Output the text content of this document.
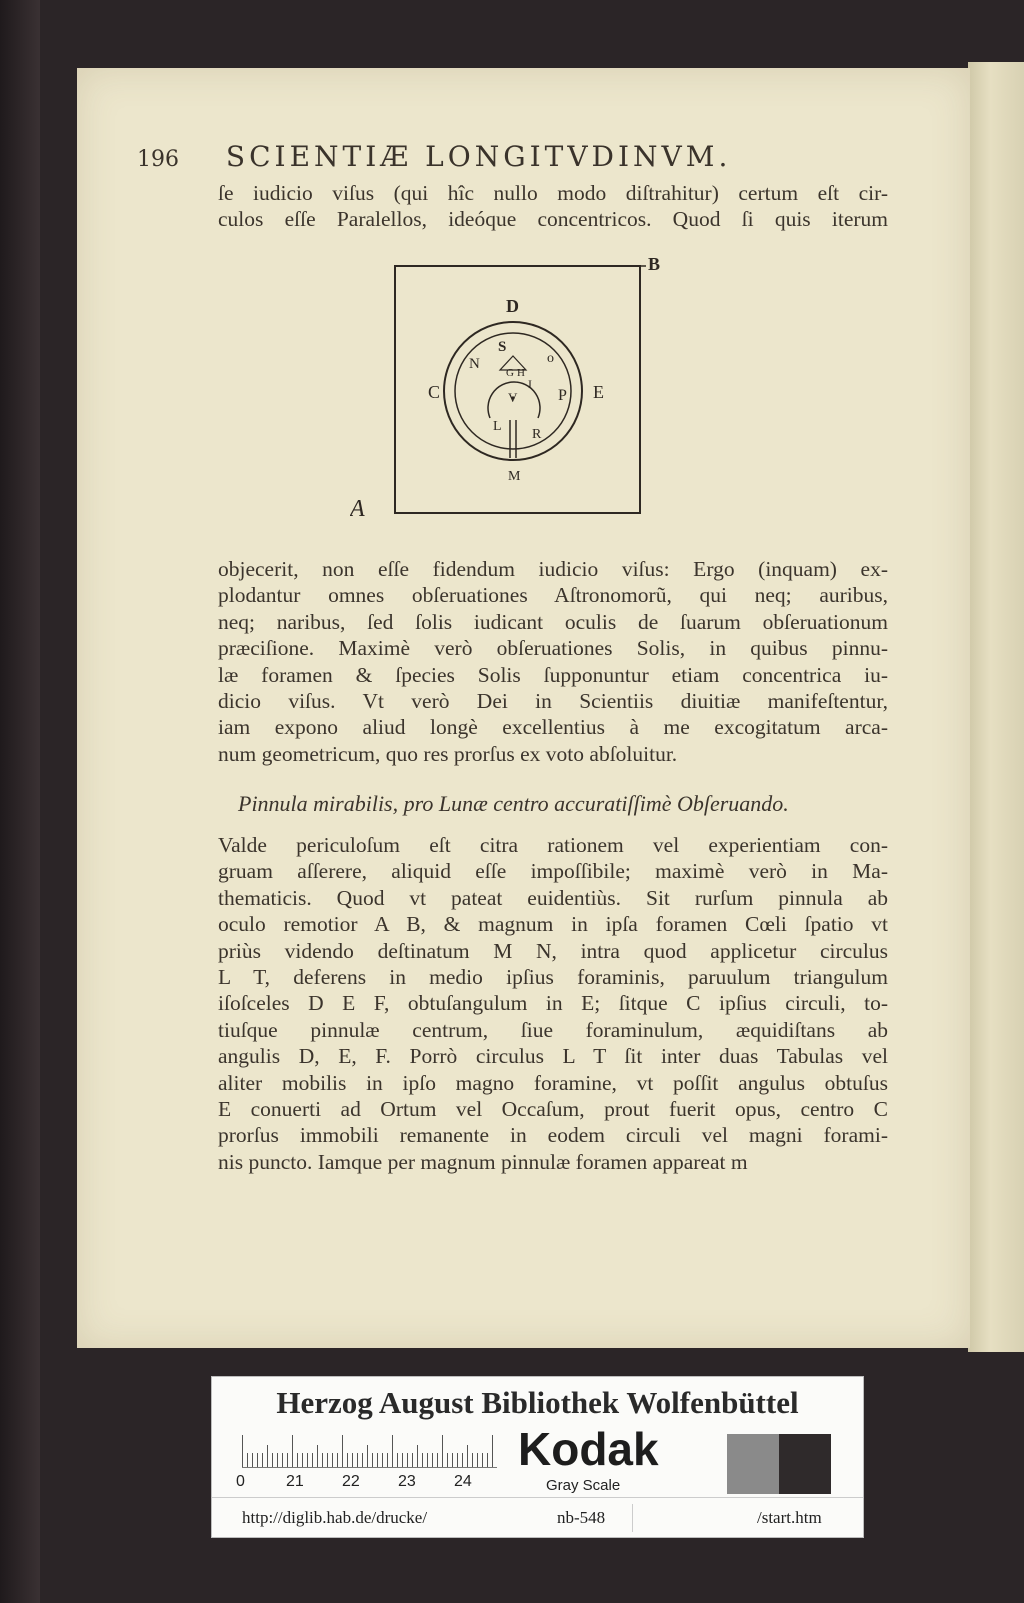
196 SCIENTIÆ LONGITVDINVM.
ſe iudicio viſus (qui hîc nullo modo diſtrahitur) certum eſt cir-
culos eſſe Paralellos, ideóque concentricos. Quod ſi quis iterum
A
B
C
D
E
S
N	o
G H
I
V	P
L
R
M
objecerit, non eſſe fidendum iudicio viſus: Ergo (inquam) ex-
plodantur omnes obſeruationes Aſtronomorũ, qui neq; auribus,
neq; naribus, ſed ſolis iudicant oculis de ſuarum obſeruationum
præciſione. Maximè verò obſeruationes Solis, in quibus pinnu-
læ foramen & ſpecies Solis ſupponuntur etiam concentrica iu-
dicio viſus. Vt verò Dei in Scientiis diuitiæ manifeſtentur,
iam expono aliud longè excellentius à me excogitatum arca-
num geometricum, quo res prorſus ex voto abſoluitur.
Pinnula mirabilis, pro Lunæ centro accuratiſſimè Obſeruando.
Valde periculoſum eſt citra rationem vel experientiam con-
gruam aſſerere, aliquid eſſe impoſſibile; maximè verò in Ma-
thematicis. Quod vt pateat euidentiùs. Sit rurſum pinnula ab
oculo remotior A B, & magnum in ipſa foramen Cœli ſpatio vt
priùs videndo deſtinatum M N, intra quod applicetur circulus
L T, deferens in medio ipſius foraminis, paruulum triangulum
iſoſceles D E F, obtuſangulum in E; ſitque C ipſius circuli, to-
tiuſque pinnulæ centrum, ſiue foraminulum, æquidiſtans ab
angulis D, E, F. Porrò circulus L T ſit inter duas Tabulas vel
aliter mobilis in ipſo magno foramine, vt poſſit angulus obtuſus
E conuerti ad Ortum vel Occaſum, prout fuerit opus, centro C
prorſus immobili remanente in eodem circuli vel magni forami-
nis puncto. Iamque per magnum pinnulæ foramen appareat m
Herzog August Bibliothek Wolfenbüttel
0	21 22 23 24
Kodak
Gray Scale
http://diglib.hab.de/drucke/	nb-548	/start.htm
